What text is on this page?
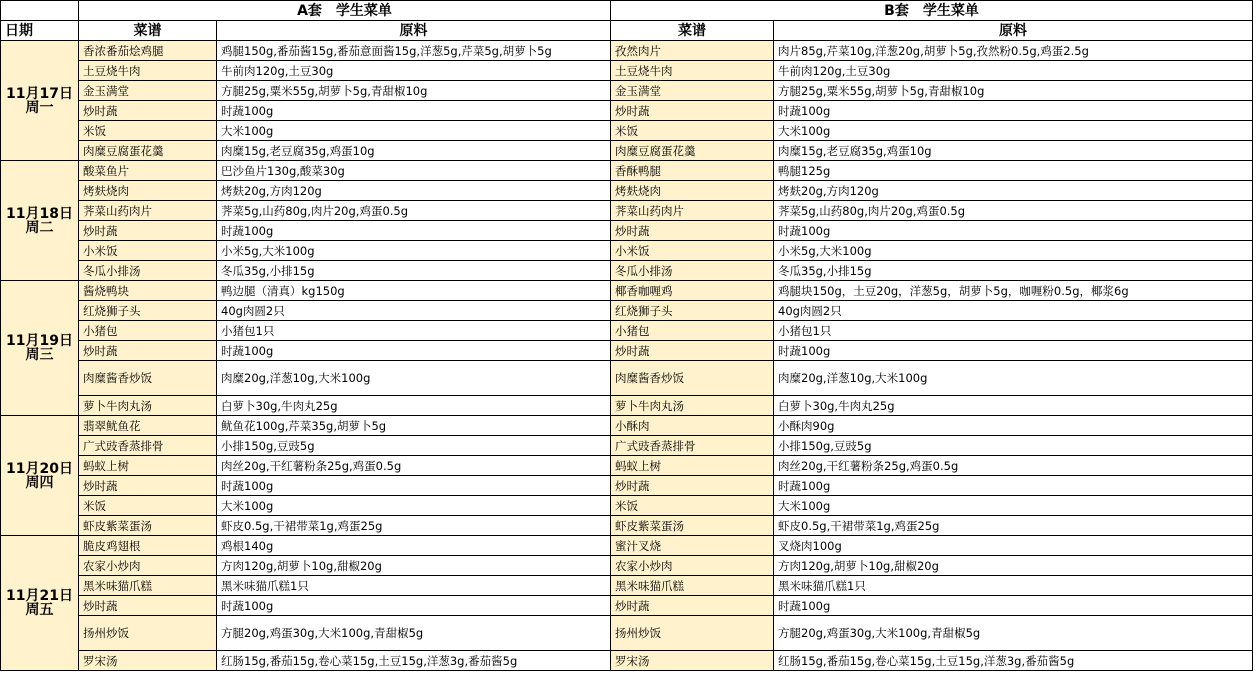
	A套　学生菜单		B套　学生菜单	
日期	菜谱	原料	菜谱	原料

11月17日
周一	香浓番茄烩鸡腿	鸡腿150g,番茄酱15g,番茄意面酱15g,洋葱5g,芹菜5g,胡萝卜5g	孜然肉片	肉片85g,芹菜10g,洋葱20g,胡萝卜5g,孜然粉0.5g,鸡蛋2.5g
	土豆烧牛肉	牛前肉120g,土豆30g	土豆烧牛肉	牛前肉120g,土豆30g
	金玉满堂	方腿25g,粟米55g,胡萝卜5g,青甜椒10g	金玉满堂	方腿25g,粟米55g,胡萝卜5g,青甜椒10g
	炒时蔬	时蔬100g	炒时蔬	时蔬100g
	米饭	大米100g	米饭	大米100g
	肉糜豆腐蛋花羹	肉糜15g,老豆腐35g,鸡蛋10g	肉糜豆腐蛋花羹	肉糜15g,老豆腐35g,鸡蛋10g

11月18日
周二	酸菜鱼片	巴沙鱼片130g,酸菜30g	香酥鸭腿	鸭腿125g
	烤麸烧肉	烤麸20g,方肉120g	烤麸烧肉	烤麸20g,方肉120g
	荠菜山药肉片	荠菜5g,山药80g,肉片20g,鸡蛋0.5g	荠菜山药肉片	荠菜5g,山药80g,肉片20g,鸡蛋0.5g
	炒时蔬	时蔬100g	炒时蔬	时蔬100g
	小米饭	小米5g,大米100g	小米饭	小米5g,大米100g
	冬瓜小排汤	冬瓜35g,小排15g	冬瓜小排汤	冬瓜35g,小排15g

11月19日
周三	酱烧鸭块	鸭边腿（清真）kg150g	椰香咖喱鸡	鸡腿块150g，土豆20g，洋葱5g，胡萝卜5g，咖喱粉0.5g，椰浆6g
	红烧狮子头	40g肉圆2只	红烧狮子头	40g肉圆2只
	小猪包	小猪包1只	小猪包	小猪包1只
	炒时蔬	时蔬100g	炒时蔬	时蔬100g
	肉糜酱香炒饭	肉糜20g,洋葱10g,大米100g	肉糜酱香炒饭	肉糜20g,洋葱10g,大米100g
	萝卜牛肉丸汤	白萝卜30g,牛肉丸25g	萝卜牛肉丸汤	白萝卜30g,牛肉丸25g

11月20日
周四	翡翠鱿鱼花	鱿鱼花100g,芹菜35g,胡萝卜5g	小酥肉	小酥肉90g
	广式豉香蒸排骨	小排150g,豆豉5g	广式豉香蒸排骨	小排150g,豆豉5g
	蚂蚁上树	肉丝20g,干红薯粉条25g,鸡蛋0.5g	蚂蚁上树	肉丝20g,干红薯粉条25g,鸡蛋0.5g
	炒时蔬	时蔬100g	炒时蔬	时蔬100g
	米饭	大米100g	米饭	大米100g
	虾皮紫菜蛋汤	虾皮0.5g,干裙带菜1g,鸡蛋25g	虾皮紫菜蛋汤	虾皮0.5g,干裙带菜1g,鸡蛋25g

11月21日
周五	脆皮鸡翅根	鸡根140g	蜜汁叉烧	叉烧肉100g
	农家小炒肉	方肉120g,胡萝卜10g,甜椒20g	农家小炒肉	方肉120g,胡萝卜10g,甜椒20g
	黑米味猫爪糕	黑米味猫爪糕1只	黑米味猫爪糕	黑米味猫爪糕1只
	炒时蔬	时蔬100g	炒时蔬	时蔬100g
	扬州炒饭	方腿20g,鸡蛋30g,大米100g,青甜椒5g	扬州炒饭	方腿20g,鸡蛋30g,大米100g,青甜椒5g
	罗宋汤	红肠15g,番茄15g,卷心菜15g,土豆15g,洋葱3g,番茄酱5g	罗宋汤	红肠15g,番茄15g,卷心菜15g,土豆15g,洋葱3g,番茄酱5g
